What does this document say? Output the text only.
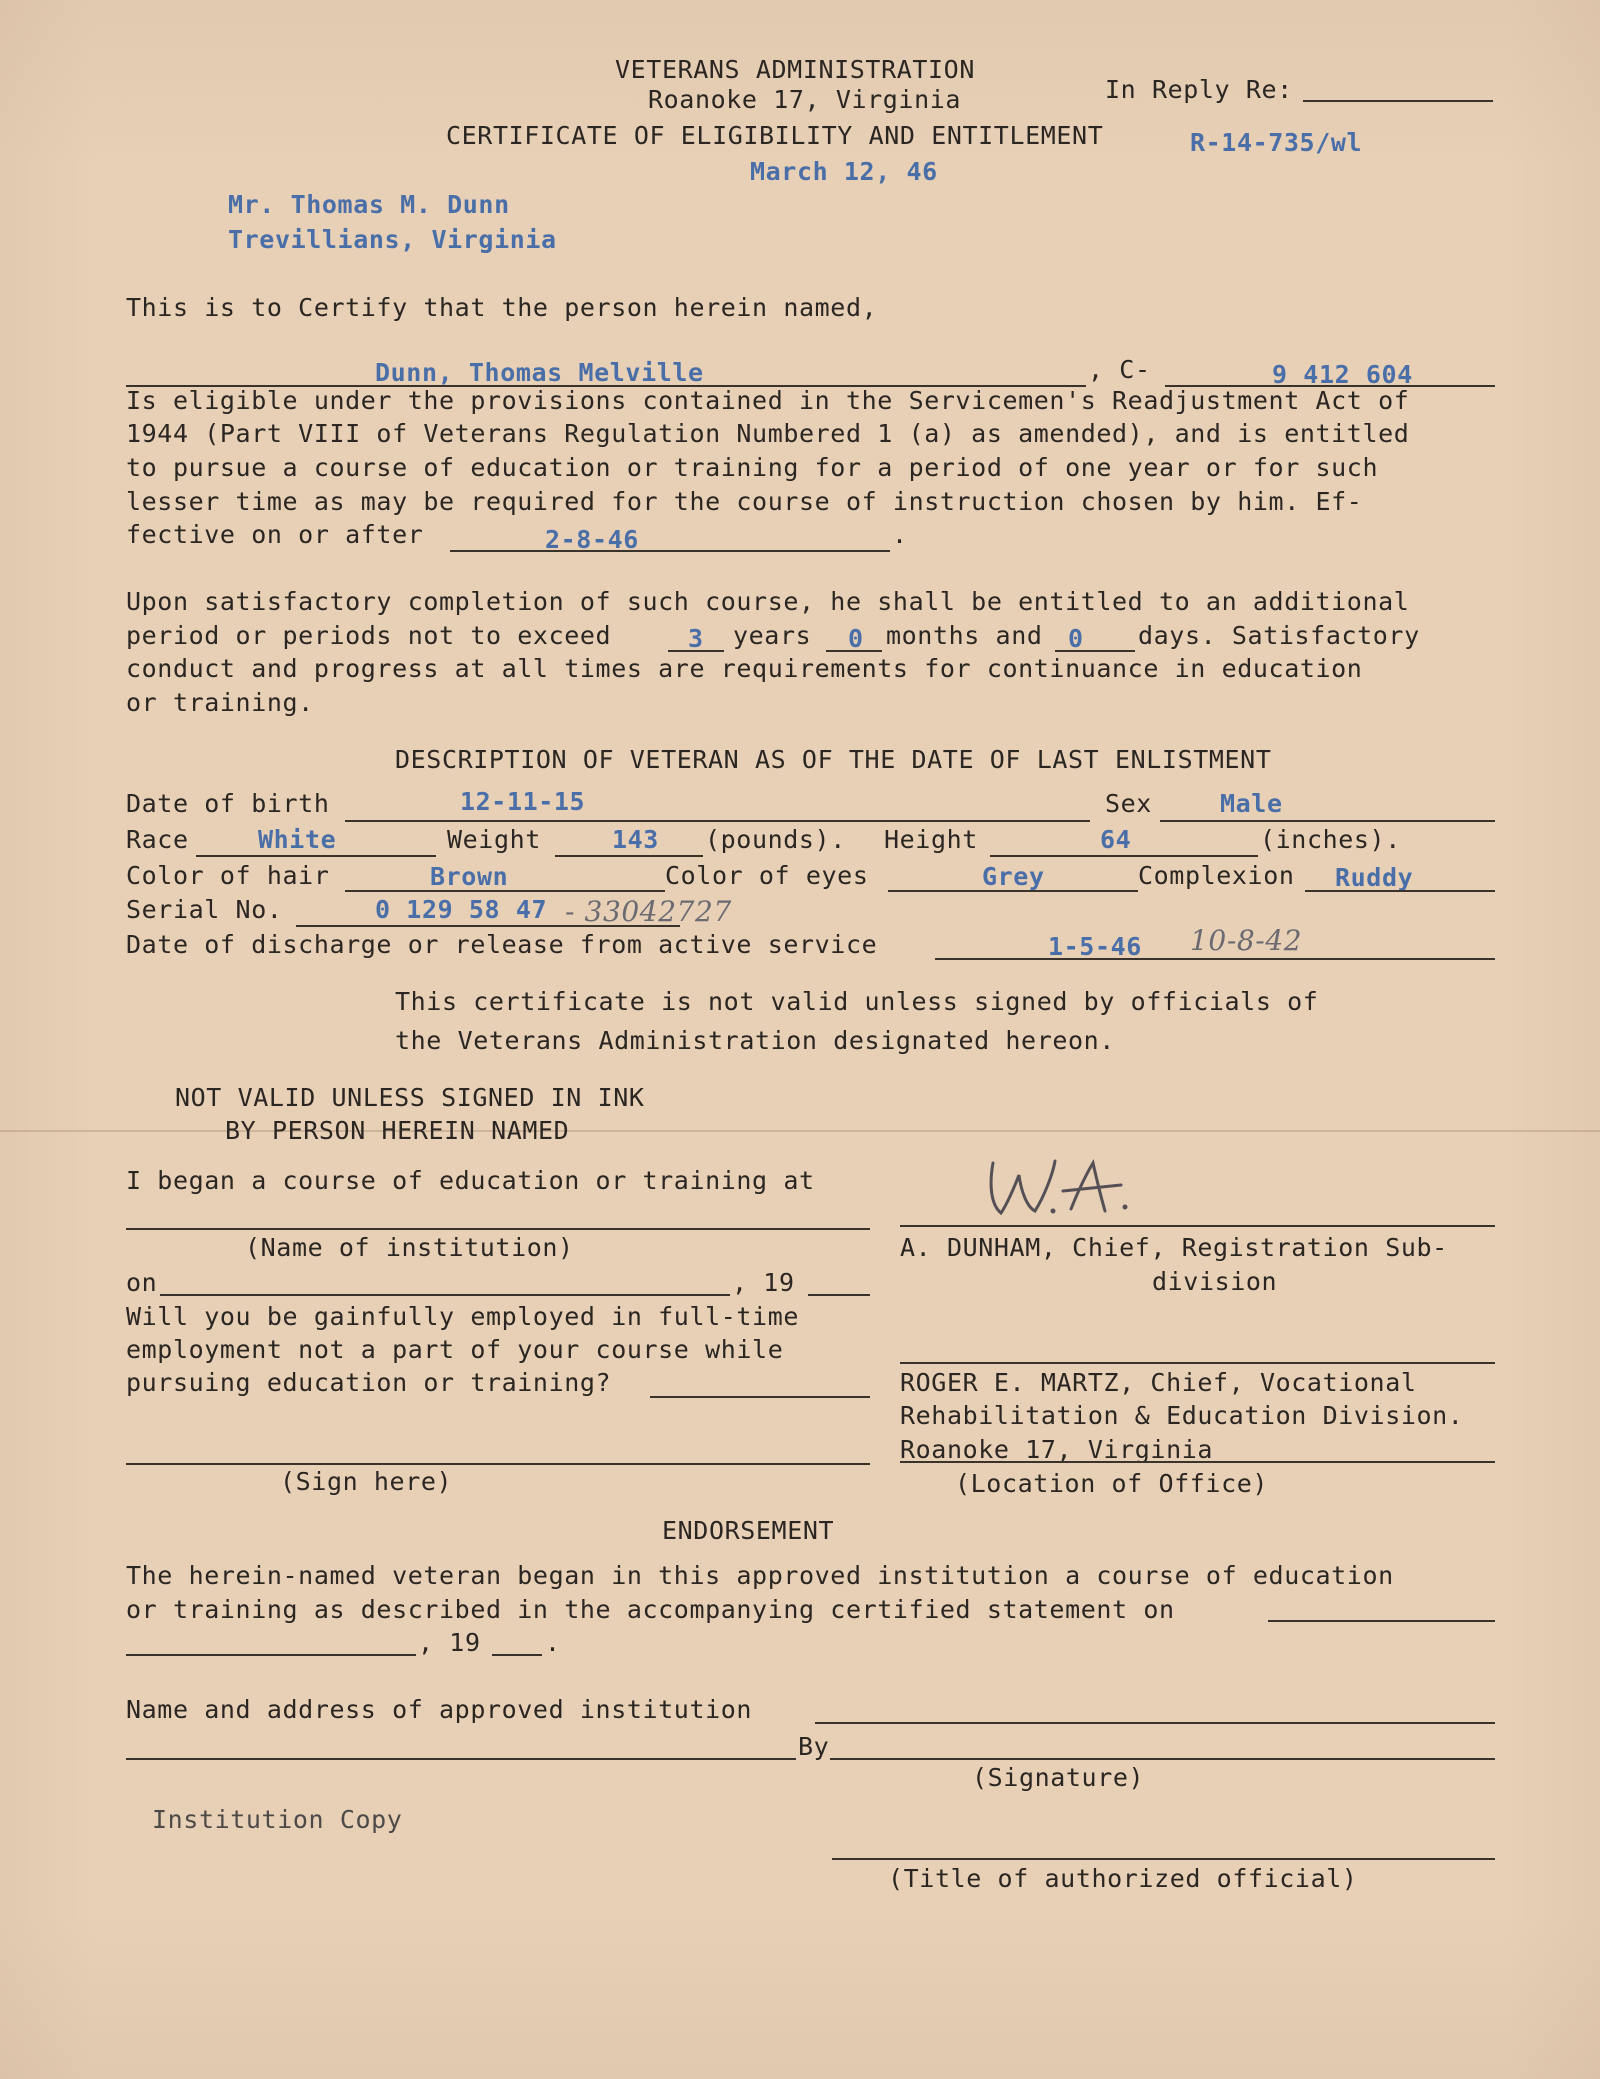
VETERANS ADMINISTRATION
Roanoke 17, Virginia	In Reply Re:
CERTIFICATE OF ELIGIBILITY AND ENTITLEMENT	R-14-735/wl
March 12, 46
Mr. Thomas M. Dunn
Trevillians, Virginia
This is to Certify that the person herein named,
Dunn, Thomas Melville	, C-	9 412 604
Is eligible under the provisions contained in the Servicemen's Readjustment Act of
1944 (Part VIII of Veterans Regulation Numbered 1 (a) as amended), and is entitled
to pursue a course of education or training for a period of one year or for such
lesser time as may be required for the course of instruction chosen by him. Ef-
fective on or after	2-8-46	.
Upon satisfactory completion of such course, he shall be entitled to an additional
period or periods not to exceed	3 years 0 months and 0 days. Satisfactory
conduct and progress at all times are requirements for continuance in education
or training.
DESCRIPTION OF VETERAN AS OF THE DATE OF LAST ENLISTMENT
Date of birth	12-11-15	Sex	Male
Race	White	Weight	143 (pounds). Height	64	(inches).
Color of hair	Brown	Color of eyes	Grey	Complexion Ruddy
Serial No.	0 129 58 47 - 33042727
Date of discharge or release from active service	1-5-46 10-8-42
This certificate is not valid unless signed by officials of
the Veterans Administration designated hereon.
NOT VALID UNLESS SIGNED IN INK
BY PERSON HEREIN NAMED
I began a course of education or training at
(Name of institution)
on	, 19
Will you be gainfully employed in full-time
employment not a part of your course while
pursuing education or training?
(Sign here)
A. DUNHAM, Chief, Registration Sub-
division
ROGER E. MARTZ, Chief, Vocational
Rehabilitation & Education Division.
Roanoke 17, Virginia
(Location of Office)
ENDORSEMENT
The herein-named veteran began in this approved institution a course of education
or training as described in the accompanying certified statement on
, 19	.
Name and address of approved institution
By
(Signature)
(Title of authorized official)
Institution Copy
